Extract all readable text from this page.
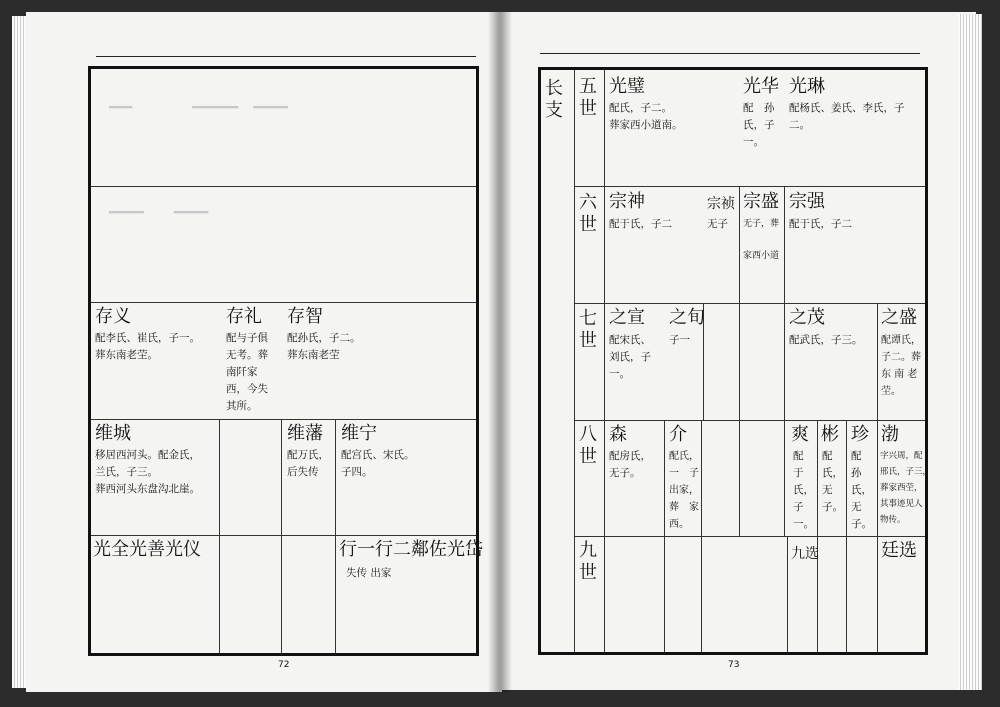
▔▔　　　　▔▔▔▔　▔▔▔
▔▔▔　　▔▔▔
存义
配李氏、崔氏，子一。
葬东南老茔。
存礼
配与子俱
无考。葬
南阡家
西，今失
其所。
存智
配孙氏，子二。
葬东南老茔
维城
移居西河头。配金氏，
兰氏，子三。
葬西河头东盘沟北崖。
维藩
配万氏，
后失传
维宁
配宫氏、宋氏。
子四。
光全光善光仪	行一行二鄰佐光岱
失传 出家
72
长
支
五
世
六
世
七
世
八
世
九
世
光璧
配氏，子二。
葬家西小道南。
光华 光琳
配　孙
氏，子
一。
配杨氏、姜氏、李氏，子
二。
宗神
配于氏，子二
宗祯
无子
宗盛
无子，葬

家西小道
宗强
配于氏，子二
之宣
配宋氏、
刘氏，子
一。
之旬
子一
之茂
配武氏，子三。
之盛
配谭氏，
子二。葬
东 南 老
茔。
森
配房氏，
无子。
介
配氏，
一　子
出家，
葬　家
西。
爽
配
于
氏，
子
一。
彬
配
氏，
无
子。
珍
配
孙
氏，
无
子。
渤
字兴周，配
邢氏，子三，
葬家西茔，
其事迹见人
物传。
九选	廷选
73
